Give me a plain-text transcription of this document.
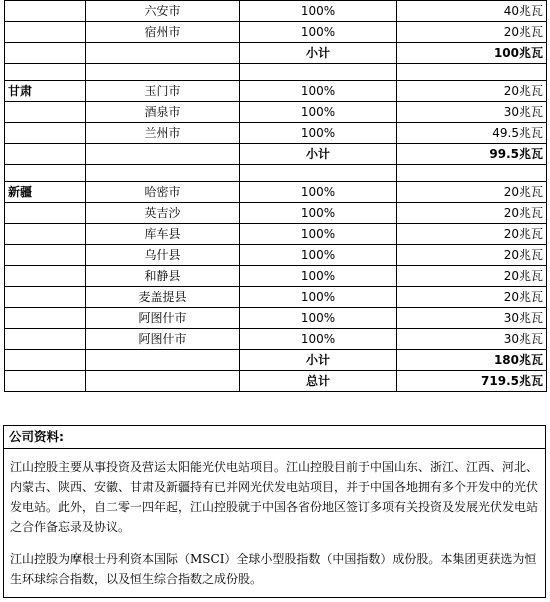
	六安市	100%	40兆瓦
	宿州市	100%	20兆瓦
		小计	100兆瓦

甘肃	玉门市	100%	20兆瓦
	酒泉市	100%	30兆瓦
	兰州市	100%	49.5兆瓦
		小计	99.5兆瓦

新疆	哈密市	100%	20兆瓦
	英吉沙	100%	20兆瓦
	库车县	100%	20兆瓦
	乌什县	100%	20兆瓦
	和静县	100%	20兆瓦
	麦盖提县	100%	20兆瓦
	阿图什市	100%	30兆瓦
	阿图什市	100%	30兆瓦
		小计	180兆瓦
		总计	719.5兆瓦
公司资料:

江山控股主要从事投资及营运太阳能光伏电站项目。江山控股目前于中国山东、浙江、江西、河北、内蒙古、陕西、安徽、甘肃及新疆持有已并网光伏发电站项目，并于中国各地拥有多个开发中的光伏发电站。此外，自二零一四年起，江山控股就于中国各省份地区签订多项有关投资及发展光伏发电站之合作备忘录及协议。

江山控股为摩根士丹利资本国际（MSCI）全球小型股指数（中国指数）成份股。本集团更获选为恒生环球综合指数，以及恒生综合指数之成份股。
